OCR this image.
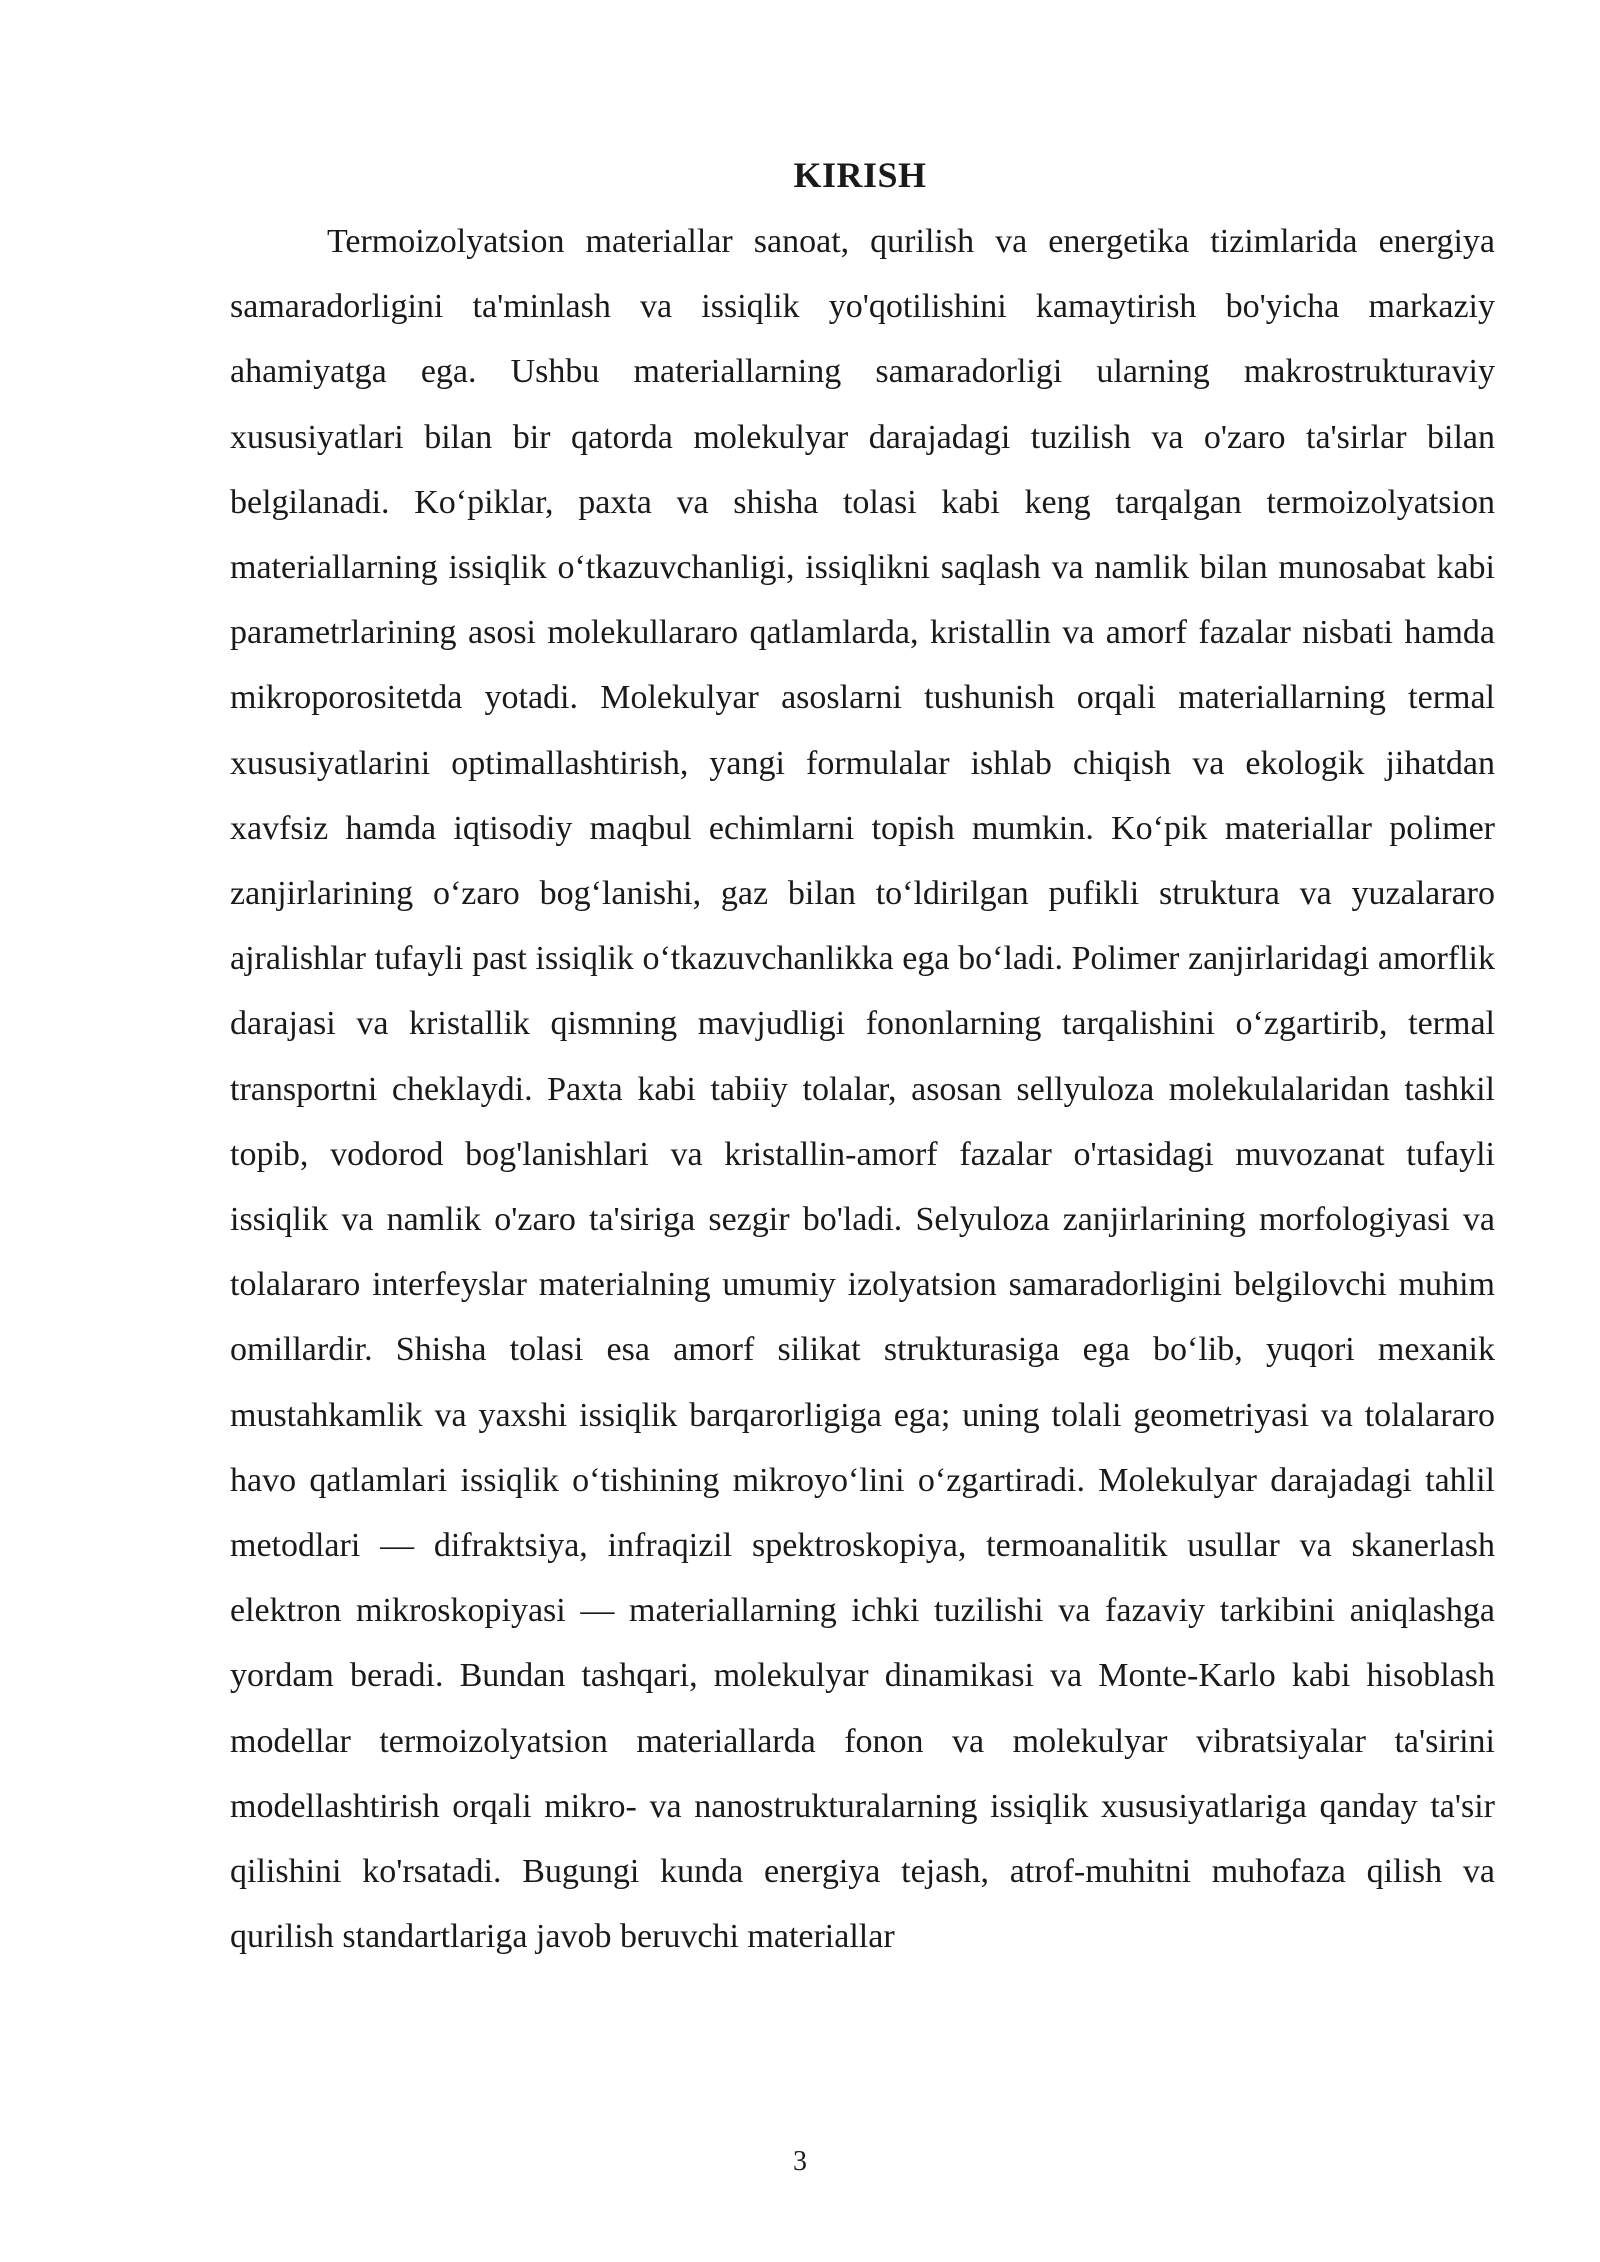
KIRISH

Termoizolyatsion materiallar sanoat, qurilish va energetika tizimlarida energiya samaradorligini ta'minlash va issiqlik yo'qotilishini kamaytirish bo'yicha markaziy ahamiyatga ega. Ushbu materiallarning samaradorligi ularning makrostrukturaviy xususiyatlari bilan bir qatorda molekulyar darajadagi tuzilish va o'zaro ta'sirlar bilan belgilanadi. Ko‘piklar, paxta va shisha tolasi kabi keng tarqalgan termoizolyatsion materiallarning issiqlik o‘tkazuvchanligi, issiqlikni saqlash va namlik bilan munosabat kabi parametrlarining asosi molekullararo qatlamlarda, kristallin va amorf fazalar nisbati hamda mikroporositetda yotadi. Molekulyar asoslarni tushunish orqali materiallarning termal xususiyatlarini optimallashtirish, yangi formulalar ishlab chiqish va ekologik jihatdan xavfsiz hamda iqtisodiy maqbul echimlarni topish mumkin. Ko‘pik materiallar polimer zanjirlarining o‘zaro bog‘lanishi, gaz bilan to‘ldirilgan pufikli struktura va yuzalararo ajralishlar tufayli past issiqlik o‘tkazuvchanlikka ega bo‘ladi. Polimer zanjirlaridagi amorflik darajasi va kristallik qismning mavjudligi fononlarning tarqalishini o‘zgartirib, termal transportni cheklaydi. Paxta kabi tabiiy tolalar, asosan sellyuloza molekulalaridan tashkil topib, vodorod bog'lanishlari va kristallin-amorf fazalar o'rtasidagi muvozanat tufayli issiqlik va namlik o'zaro ta'siriga sezgir bo'ladi. Selyuloza zanjirlarining morfologiyasi va tolalararo interfeyslar materialning umumiy izolyatsion samaradorligini belgilovchi muhim omillardir. Shisha tolasi esa amorf silikat strukturasiga ega bo‘lib, yuqori mexanik mustahkamlik va yaxshi issiqlik barqarorligiga ega; uning tolali geometriyasi va tolalararo havo qatlamlari issiqlik o‘tishining mikroyo‘lini o‘zgartiradi. Molekulyar darajadagi tahlil metodlari — difraktsiya, infraqizil spektroskopiya, termoanalitik usullar va skanerlash elektron mikroskopiyasi — materiallarning ichki tuzilishi va fazaviy tarkibini aniqlashga yordam beradi. Bundan tashqari, molekulyar dinamikasi va Monte-Karlo kabi hisoblash modellar termoizolyatsion materiallarda fonon va molekulyar vibratsiyalar ta'sirini modellashtirish orqali mikro- va nanostrukturalarning issiqlik xususiyatlariga qanday ta'sir qilishini ko'rsatadi. Bugungi kunda energiya tejash, atrof-muhitni muhofaza qilish va qurilish standartlariga javob beruvchi materiallar

3
